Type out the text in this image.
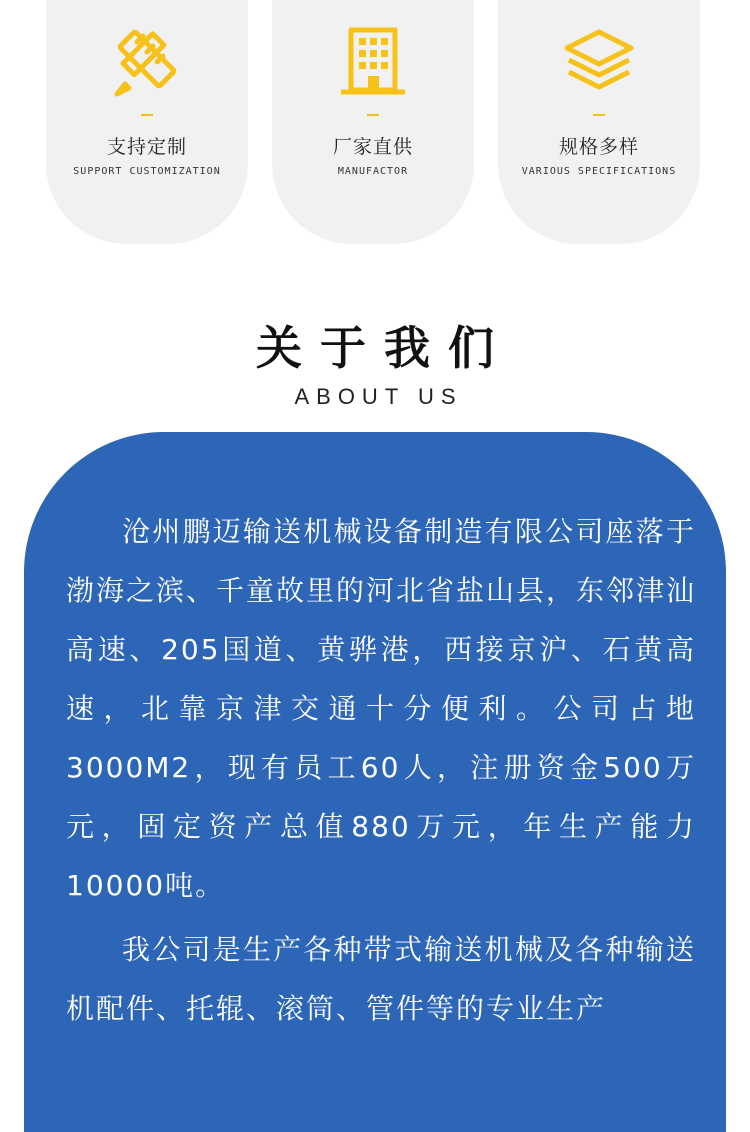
支持定制
SUPPORT CUSTOMIZATION
厂家直供
MANUFACTOR
规格多样
VARIOUS SPECIFICATIONS
关于我们
ABOUT US
沧州鹏迈输送机械设备制造有限公司座落于渤海之滨、千童故里的河北省盐山县，东邻津汕高速、205国道、黄骅港，西接京沪、石黄高速，北靠京津交通十分便利。公司占地3000M2，现有员工60人，注册资金500万元，固定资产总值880万元，年生产能力10000吨。
我公司是生产各种带式输送机械及各种输送机配件、托辊、滚筒、管件等的专业生产
